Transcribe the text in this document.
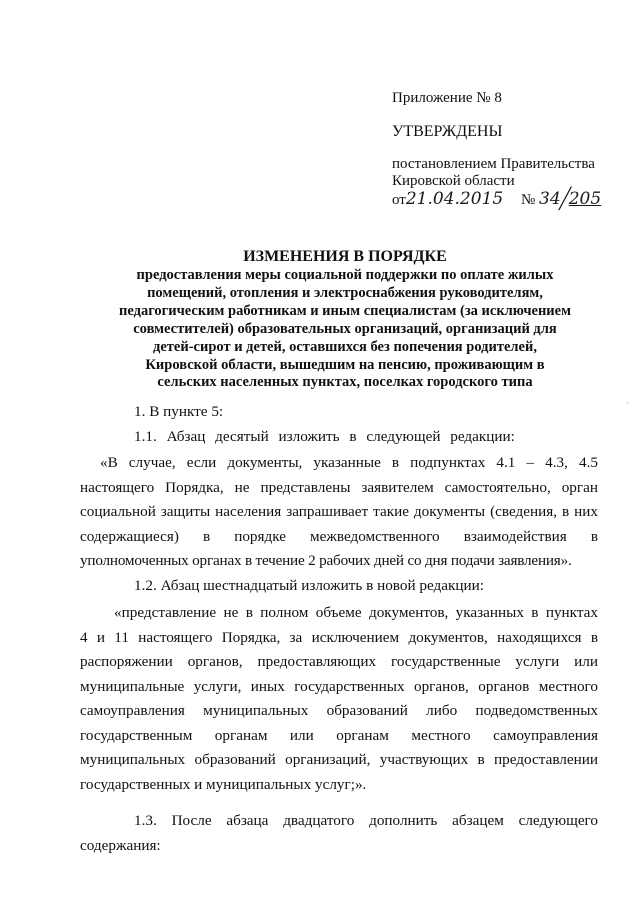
Приложение № 8
УТВЕРЖДЕНЫ
постановлением Правительства
Кировской области
от21.04.2015 № 34/205
ИЗМЕНЕНИЯ В ПОРЯДКЕ
предоставления меры социальной поддержки по оплате жилых
помещений, отопления и электроснабжения руководителям,
педагогическим работникам и иным специалистам (за исключением
совместителей) образовательных организаций, организаций для
детей-сирот и детей, оставшихся без попечения родителей,
Кировской области, вышедшим на пенсию, проживающим в
сельских населенных пунктах, поселках городского типа
1. В пункте 5:
1.1. Абзац десятый изложить в следующей редакции:
«В случае, если документы, указанные в подпунктах 4.1 – 4.3, 4.5
настоящего Порядка, не представлены заявителем самостоятельно, орган
социальной защиты населения запрашивает такие документы (сведения, в них
содержащиеся) в порядке межведомственного взаимодействия в
уполномоченных органах в течение 2 рабочих дней со дня подачи заявления».
1.2. Абзац шестнадцатый изложить в новой редакции:
«представление не в полном объеме документов, указанных в пунктах
4 и 11 настоящего Порядка, за исключением документов, находящихся в
распоряжении органов, предоставляющих государственные услуги или
муниципальные услуги, иных государственных органов, органов местного
самоуправления муниципальных образований либо подведомственных
государственным органам или органам местного самоуправления
муниципальных образований организаций, участвующих в предоставлении
государственных и муниципальных услуг;».
1.3. После абзаца двадцатого дополнить абзацем следующего
содержания:
·
